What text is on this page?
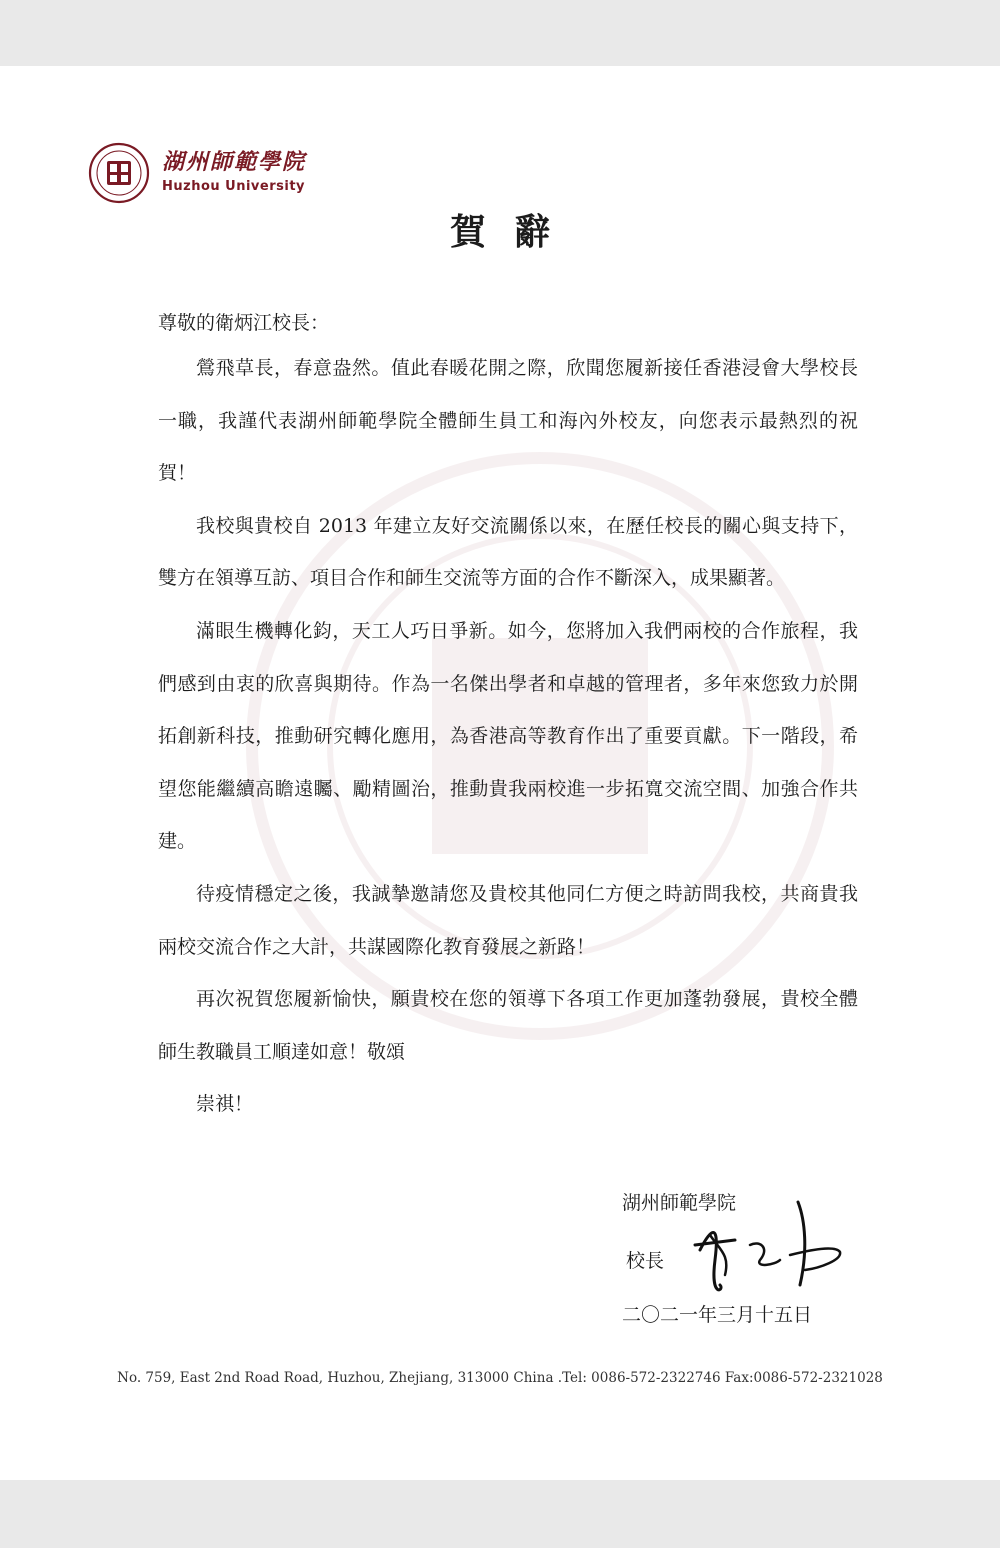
湖州師範學院
Huzhou University
賀辭
尊敬的衛炳江校長：

鶯飛草長，春意盎然。值此春暖花開之際，欣聞您履新接任香港浸會大學校長一職，我謹代表湖州師範學院全體師生員工和海內外校友，向您表示最熱烈的祝賀！

我校與貴校自 2013 年建立友好交流關係以來，在歷任校長的關心與支持下，雙方在領導互訪、項目合作和師生交流等方面的合作不斷深入，成果顯著。

滿眼生機轉化鈞，天工人巧日爭新。如今，您將加入我們兩校的合作旅程，我們感到由衷的欣喜與期待。作為一名傑出學者和卓越的管理者，多年來您致力於開拓創新科技，推動研究轉化應用，為香港高等教育作出了重要貢獻。下一階段，希望您能繼續高瞻遠矚、勵精圖治，推動貴我兩校進一步拓寬交流空間、加強合作共建。

待疫情穩定之後，我誠摯邀請您及貴校其他同仁方便之時訪問我校，共商貴我兩校交流合作之大計，共謀國際化教育發展之新路！

再次祝賀您履新愉快，願貴校在您的領導下各項工作更加蓬勃發展，貴校全體師生教職員工順達如意！敬頌

崇祺！

湖州師範學院
校長
二〇二一年三月十五日
No. 759, East 2nd Road Road, Huzhou, Zhejiang, 313000 China .Tel: 0086-572-2322746 Fax:0086-572-2321028
